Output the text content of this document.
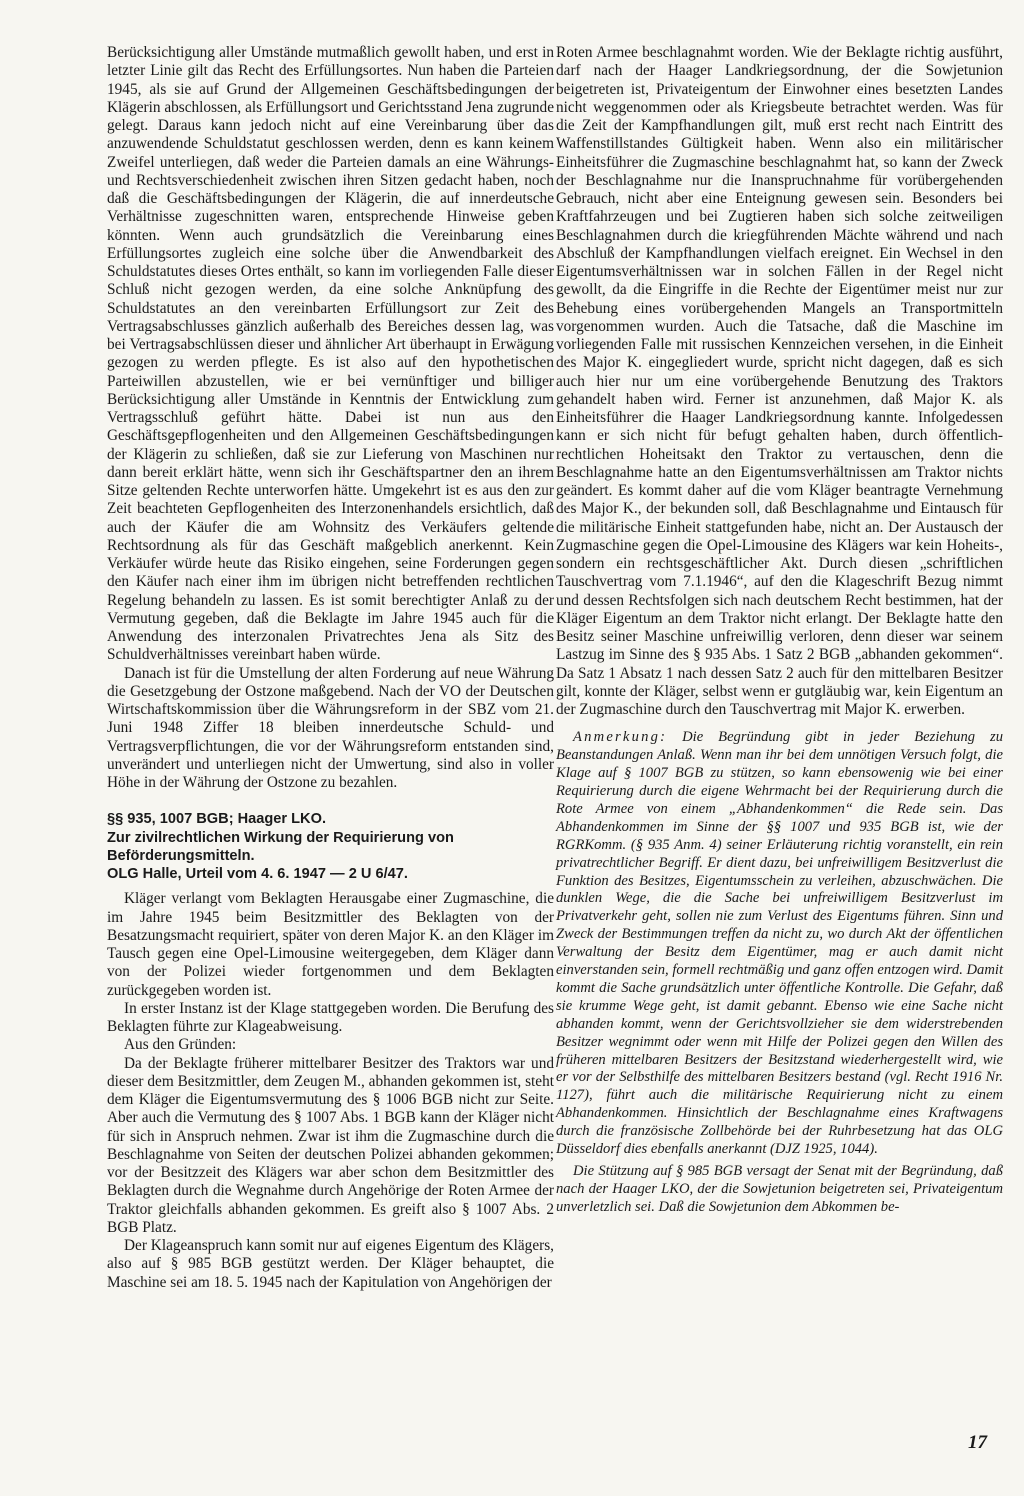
Berücksichtigung aller Umstände mutmaßlich gewollt haben, und erst in letzter Linie gilt das Recht des Erfüllungsortes. Nun haben die Parteien 1945, als sie auf Grund der Allgemeinen Geschäftsbedingungen der Klägerin abschlossen, als Erfüllungsort und Gerichtsstand Jena zugrunde gelegt. Daraus kann jedoch nicht auf eine Vereinbarung über das anzuwendende Schuldstatut geschlossen werden, denn es kann keinem Zweifel unterliegen, daß weder die Parteien damals an eine Währungs- und Rechtsverschiedenheit zwischen ihren Sitzen gedacht haben, noch daß die Geschäftsbedingungen der Klägerin, die auf innerdeutsche Verhältnisse zugeschnitten waren, entsprechende Hinweise geben könnten. Wenn auch grundsätzlich die Vereinbarung eines Erfüllungsortes zugleich eine solche über die Anwendbarkeit des Schuldstatutes dieses Ortes enthält, so kann im vorliegenden Falle dieser Schluß nicht gezogen werden, da eine solche Anknüpfung des Schuldstatutes an den vereinbarten Erfüllungsort zur Zeit des Vertragsabschlusses gänzlich außerhalb des Bereiches dessen lag, was bei Vertragsabschlüssen dieser und ähnlicher Art überhaupt in Erwägung gezogen zu werden pflegte. Es ist also auf den hypothetischen Parteiwillen abzustellen, wie er bei vernünftiger und billiger Berücksichtigung aller Umstände in Kenntnis der Entwicklung zum Vertragsschluß geführt hätte. Dabei ist nun aus den Geschäftsgepflogenheiten und den Allgemeinen Geschäftsbedingungen der Klägerin zu schließen, daß sie zur Lieferung von Maschinen nur dann bereit erklärt hätte, wenn sich ihr Geschäftspartner den an ihrem Sitze geltenden Rechte unterworfen hätte. Umgekehrt ist es aus den zur Zeit beachteten Gepflogenheiten des Interzonenhandels ersichtlich, daß auch der Käufer die am Wohnsitz des Verkäufers geltende Rechtsordnung als für das Geschäft maßgeblich anerkennt. Kein Verkäufer würde heute das Risiko eingehen, seine Forderungen gegen den Käufer nach einer ihm im übrigen nicht betreffenden rechtlichen Regelung behandeln zu lassen. Es ist somit berechtigter Anlaß zu der Vermutung gegeben, daß die Beklagte im Jahre 1945 auch für die Anwendung des interzonalen Privatrechtes Jena als Sitz des Schuldverhältnisses vereinbart haben würde.

Danach ist für die Umstellung der alten Forderung auf neue Währung die Gesetzgebung der Ostzone maßgebend. Nach der VO der Deutschen Wirtschaftskommission über die Währungsreform in der SBZ vom 21. Juni 1948 Ziffer 18 bleiben innerdeutsche Schuld- und Vertragsverpflichtungen, die vor der Währungsreform entstanden sind, unverändert und unterliegen nicht der Umwertung, sind also in voller Höhe in der Währung der Ostzone zu bezahlen.

§§ 935, 1007 BGB; Haager LKO.

Zur zivilrechtlichen Wirkung der Requirierung von Beförderungsmitteln.

OLG Halle, Urteil vom 4. 6. 1947 — 2 U 6/47.

Kläger verlangt vom Beklagten Herausgabe einer Zugmaschine, die im Jahre 1945 beim Besitzmittler des Beklagten von der Besatzungsmacht requiriert, später von deren Major K. an den Kläger im Tausch gegen eine Opel-Limousine weitergegeben, dem Kläger dann von der Polizei wieder fortgenommen und dem Beklagten zurückgegeben worden ist.

In erster Instanz ist der Klage stattgegeben worden. Die Berufung des Beklagten führte zur Klageabweisung.

Aus den Gründen:

Da der Beklagte früherer mittelbarer Besitzer des Traktors war und dieser dem Besitzmittler, dem Zeugen M., abhanden gekommen ist, steht dem Kläger die Eigentumsvermutung des § 1006 BGB nicht zur Seite. Aber auch die Vermutung des § 1007 Abs. 1 BGB kann der Kläger nicht für sich in Anspruch nehmen. Zwar ist ihm die Zugmaschine durch die Beschlagnahme von Seiten der deutschen Polizei abhanden gekommen; vor der Besitzzeit des Klägers war aber schon dem Besitzmittler des Beklagten durch die Wegnahme durch Angehörige der Roten Armee der Traktor gleichfalls abhanden gekommen. Es greift also § 1007 Abs. 2 BGB Platz.

Der Klageanspruch kann somit nur auf eigenes Eigentum des Klägers, also auf § 985 BGB gestützt werden. Der Kläger behauptet, die Maschine sei am 18. 5. 1945 nach der Kapitulation von Angehörigen der

Roten Armee beschlagnahmt worden. Wie der Beklagte richtig ausführt, darf nach der Haager Landkriegsordnung, der die Sowjetunion beigetreten ist, Privateigentum der Einwohner eines besetzten Landes nicht weggenommen oder als Kriegsbeute betrachtet werden. Was für die Zeit der Kampfhandlungen gilt, muß erst recht nach Eintritt des Waffenstillstandes Gültigkeit haben. Wenn also ein militärischer Einheitsführer die Zugmaschine beschlagnahmt hat, so kann der Zweck der Beschlagnahme nur die Inanspruchnahme für vorübergehenden Gebrauch, nicht aber eine Enteignung gewesen sein. Besonders bei Kraftfahrzeugen und bei Zugtieren haben sich solche zeitweiligen Beschlagnahmen durch die kriegführenden Mächte während und nach Abschluß der Kampfhandlungen vielfach ereignet. Ein Wechsel in den Eigentumsverhältnissen war in solchen Fällen in der Regel nicht gewollt, da die Eingriffe in die Rechte der Eigentümer meist nur zur Behebung eines vorübergehenden Mangels an Transportmitteln vorgenommen wurden. Auch die Tatsache, daß die Maschine im vorliegenden Falle mit russischen Kennzeichen versehen, in die Einheit des Major K. eingegliedert wurde, spricht nicht dagegen, daß es sich auch hier nur um eine vorübergehende Benutzung des Traktors gehandelt haben wird. Ferner ist anzunehmen, daß Major K. als Einheitsführer die Haager Landkriegsordnung kannte. Infolgedessen kann er sich nicht für befugt gehalten haben, durch öffentlich-rechtlichen Hoheitsakt den Traktor zu vertauschen, denn die Beschlagnahme hatte an den Eigentumsverhältnissen am Traktor nichts geändert. Es kommt daher auf die vom Kläger beantragte Vernehmung des Major K., der bekunden soll, daß Beschlagnahme und Eintausch für die militärische Einheit stattgefunden habe, nicht an. Der Austausch der Zugmaschine gegen die Opel-Limousine des Klägers war kein Hoheits-, sondern ein rechtsgeschäftlicher Akt. Durch diesen „schriftlichen Tauschvertrag vom 7.1.1946“, auf den die Klageschrift Bezug nimmt und dessen Rechtsfolgen sich nach deutschem Recht bestimmen, hat der Kläger Eigentum an dem Traktor nicht erlangt. Der Beklagte hatte den Besitz seiner Maschine unfreiwillig verloren, denn dieser war seinem Lastzug im Sinne des § 935 Abs. 1 Satz 2 BGB „abhanden gekommen“. Da Satz 1 Absatz 1 nach dessen Satz 2 auch für den mittelbaren Besitzer gilt, konnte der Kläger, selbst wenn er gutgläubig war, kein Eigentum an der Zugmaschine durch den Tauschvertrag mit Major K. erwerben.

Anmerkung: Die Begründung gibt in jeder Beziehung zu Beanstandungen Anlaß. Wenn man ihr bei dem unnötigen Versuch folgt, die Klage auf § 1007 BGB zu stützen, so kann ebensowenig wie bei einer Requirierung durch die eigene Wehrmacht bei der Requirierung durch die Rote Armee von einem „Abhandenkommen“ die Rede sein. Das Abhandenkommen im Sinne der §§ 1007 und 935 BGB ist, wie der RGRKomm. (§ 935 Anm. 4) seiner Erläuterung richtig voranstellt, ein rein privatrechtlicher Begriff. Er dient dazu, bei unfreiwilligem Besitzverlust die Funktion des Besitzes, Eigentumsschein zu verleihen, abzuschwächen. Die dunklen Wege, die die Sache bei unfreiwilligem Besitzverlust im Privatverkehr geht, sollen nie zum Verlust des Eigentums führen. Sinn und Zweck der Bestimmungen treffen da nicht zu, wo durch Akt der öffentlichen Verwaltung der Besitz dem Eigentümer, mag er auch damit nicht einverstanden sein, formell rechtmäßig und ganz offen entzogen wird. Damit kommt die Sache grundsätzlich unter öffentliche Kontrolle. Die Gefahr, daß sie krumme Wege geht, ist damit gebannt. Ebenso wie eine Sache nicht abhanden kommt, wenn der Gerichtsvollzieher sie dem widerstrebenden Besitzer wegnimmt oder wenn mit Hilfe der Polizei gegen den Willen des früheren mittelbaren Besitzers der Besitzstand wiederhergestellt wird, wie er vor der Selbsthilfe des mittelbaren Besitzers bestand (vgl. Recht 1916 Nr. 1127), führt auch die militärische Requirierung nicht zu einem Abhandenkommen. Hinsichtlich der Beschlagnahme eines Kraftwagens durch die französische Zollbehörde bei der Ruhrbesetzung hat das OLG Düsseldorf dies ebenfalls anerkannt (DJZ 1925, 1044).

Die Stützung auf § 985 BGB versagt der Senat mit der Begründung, daß nach der Haager LKO, der die Sowjetunion beigetreten sei, Privateigentum unverletzlich sei. Daß die Sowjetunion dem Abkommen be-

17
